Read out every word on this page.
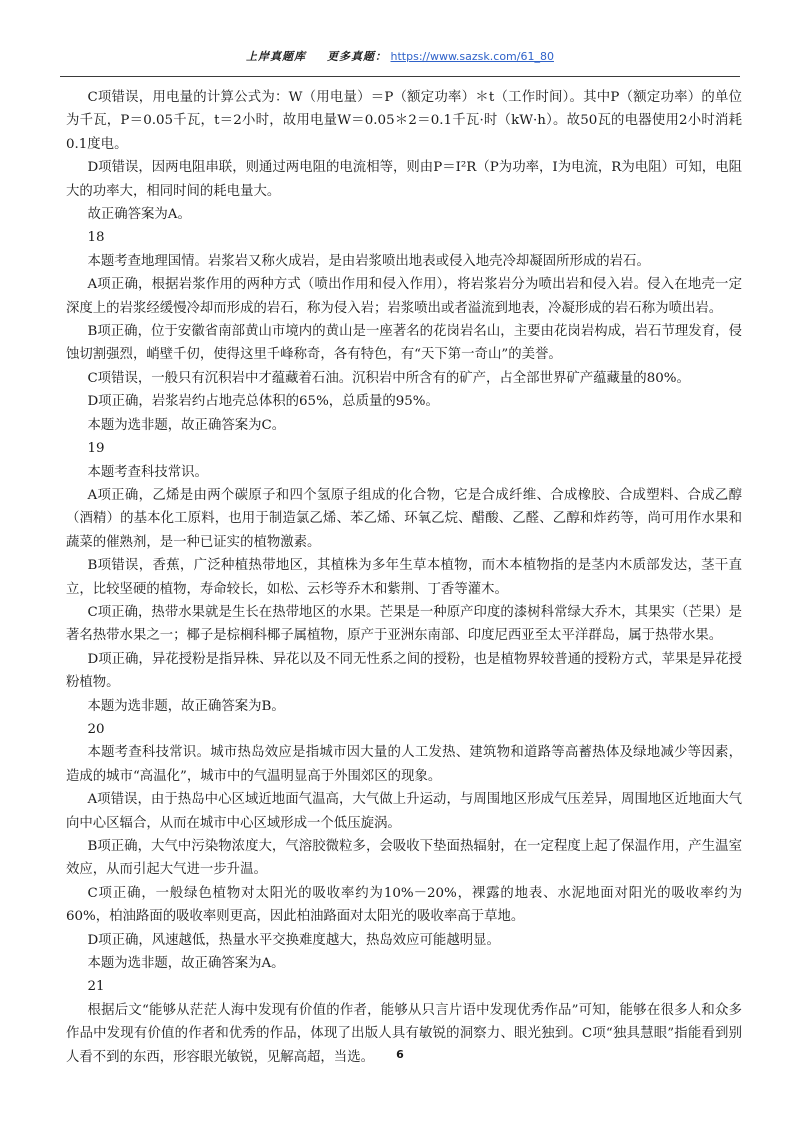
上岸真题库 更多真题： https://www.sazsk.com/61_80

C项错误，用电量的计算公式为：W（用电量）＝P（额定功率）＊t（工作时间）。其中P（额定功率）的单位为千瓦，P＝0.05千瓦，t＝2小时，故用电量W＝0.05＊2＝0.1千瓦·时（kW·h）。故50瓦的电器使用2小时消耗0.1度电。

D项错误，因两电阻串联，则通过两电阻的电流相等，则由P＝I²R（P为功率，I为电流，R为电阻）可知，电阻大的功率大，相同时间的耗电量大。

故正确答案为A。

18

本题考查地理国情。岩浆岩又称火成岩，是由岩浆喷出地表或侵入地壳冷却凝固所形成的岩石。

A项正确，根据岩浆作用的两种方式（喷出作用和侵入作用），将岩浆岩分为喷出岩和侵入岩。侵入在地壳一定深度上的岩浆经缓慢冷却而形成的岩石，称为侵入岩；岩浆喷出或者溢流到地表，冷凝形成的岩石称为喷出岩。

B项正确，位于安徽省南部黄山市境内的黄山是一座著名的花岗岩名山，主要由花岗岩构成，岩石节理发育，侵蚀切割强烈，峭壁千仞，使得这里千峰称奇，各有特色，有“天下第一奇山”的美誉。

C项错误，一般只有沉积岩中才蕴藏着石油。沉积岩中所含有的矿产，占全部世界矿产蕴藏量的80%。

D项正确，岩浆岩约占地壳总体积的65%，总质量的95%。

本题为选非题，故正确答案为C。

19

本题考查科技常识。

A项正确，乙烯是由两个碳原子和四个氢原子组成的化合物，它是合成纤维、合成橡胶、合成塑料、合成乙醇（酒精）的基本化工原料，也用于制造氯乙烯、苯乙烯、环氧乙烷、醋酸、乙醛、乙醇和炸药等，尚可用作水果和蔬菜的催熟剂，是一种已证实的植物激素。

B项错误，香蕉，广泛种植热带地区，其植株为多年生草本植物，而木本植物指的是茎内木质部发达，茎干直立，比较坚硬的植物，寿命较长，如松、云杉等乔木和紫荆、丁香等灌木。

C项正确，热带水果就是生长在热带地区的水果。芒果是一种原产印度的漆树科常绿大乔木，其果实（芒果）是著名热带水果之一；椰子是棕榈科椰子属植物，原产于亚洲东南部、印度尼西亚至太平洋群岛，属于热带水果。

D项正确，异花授粉是指异株、异花以及不同无性系之间的授粉，也是植物界较普通的授粉方式，苹果是异花授粉植物。

本题为选非题，故正确答案为B。

20

本题考查科技常识。城市热岛效应是指城市因大量的人工发热、建筑物和道路等高蓄热体及绿地减少等因素，造成的城市“高温化”，城市中的气温明显高于外围郊区的现象。

A项错误，由于热岛中心区域近地面气温高，大气做上升运动，与周围地区形成气压差异，周围地区近地面大气向中心区辐合，从而在城市中心区域形成一个低压旋涡。

B项正确，大气中污染物浓度大，气溶胶微粒多，会吸收下垫面热辐射，在一定程度上起了保温作用，产生温室效应，从而引起大气进一步升温。

C项正确，一般绿色植物对太阳光的吸收率约为10%－20%，裸露的地表、水泥地面对阳光的吸收率约为60%，柏油路面的吸收率则更高，因此柏油路面对太阳光的吸收率高于草地。

D项正确，风速越低，热量水平交换难度越大，热岛效应可能越明显。

本题为选非题，故正确答案为A。

21

根据后文“能够从茫茫人海中发现有价值的作者，能够从只言片语中发现优秀作品”可知，能够在很多人和众多作品中发现有价值的作者和优秀的作品，体现了出版人具有敏锐的洞察力、眼光独到。C项“独具慧眼”指能看到别人看不到的东西，形容眼光敏锐，见解高超，当选。	6
